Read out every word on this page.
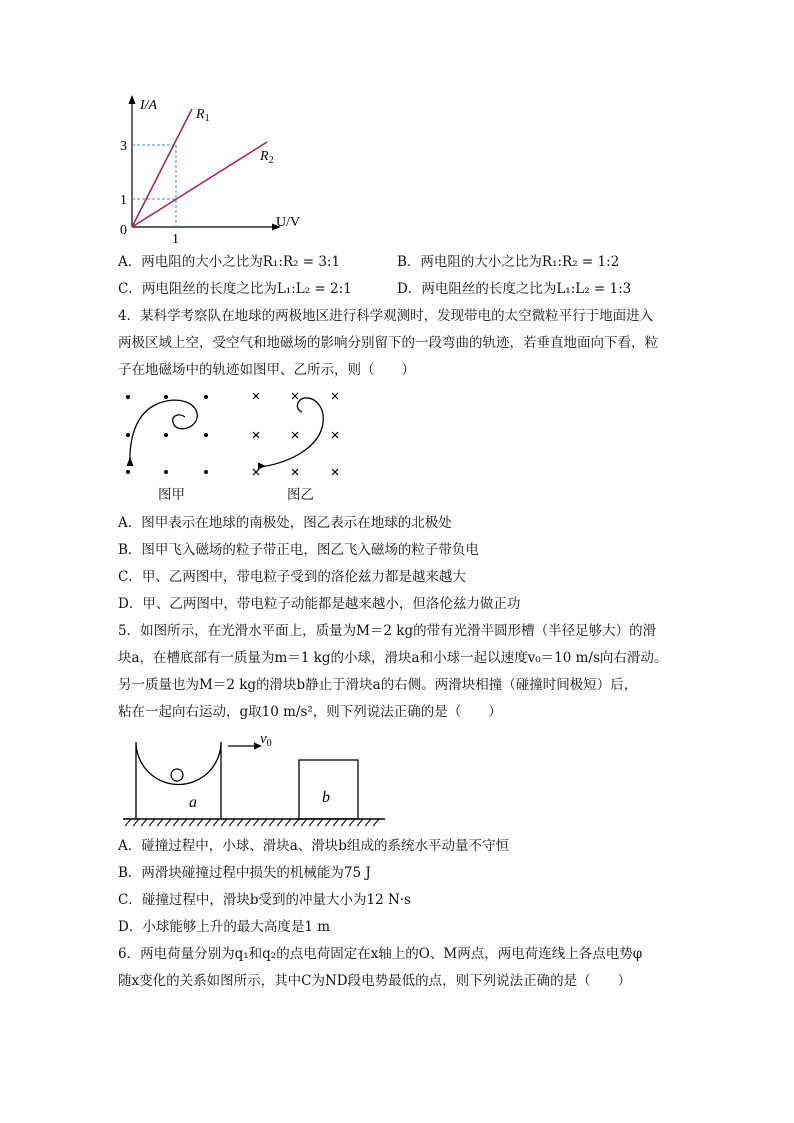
I/A
U/V
0
3
1
1
$R_1$
$R_2$
A．两电阻的大小之比为R₁:R₂ = 3:1	B．两电阻的大小之比为R₁:R₂ = 1:2
C．两电阻丝的长度之比为L₁:L₂ = 2:1	D．两电阻丝的长度之比为L₁:L₂ = 1:3
4．某科学考察队在地球的两极地区进行科学观测时，发现带电的太空微粒平行于地面进入
两极区域上空，受空气和地磁场的影响分别留下的一段弯曲的轨迹，若垂直地面向下看，粒
子在地磁场中的轨迹如图甲、乙所示，则（　　）
图甲	图乙
A．图甲表示在地球的南极处，图乙表示在地球的北极处
B．图甲飞入磁场的粒子带正电，图乙飞入磁场的粒子带负电
C．甲、乙两图中，带电粒子受到的洛伦兹力都是越来越大
D．甲、乙两图中，带电粒子动能都是越来越小，但洛伦兹力做正功
5．如图所示，在光滑水平面上，质量为M＝2 kg的带有光滑半圆形槽（半径足够大）的滑
块a，在槽底部有一质量为m＝1 kg的小球，滑块a和小球一起以速度v₀＝10 m/s向右滑动。
另一质量也为M＝2 kg的滑块b静止于滑块a的右侧。两滑块相撞（碰撞时间极短）后，
粘在一起向右运动，g取10 m/s²，则下列说法正确的是（　　）
$v_0$
a	b
A．碰撞过程中，小球、滑块a、滑块b组成的系统水平动量不守恒
B．两滑块碰撞过程中损失的机械能为75 J
C．碰撞过程中，滑块b受到的冲量大小为12 N·s
D．小球能够上升的最大高度是1 m
6．两电荷量分别为q₁和q₂的点电荷固定在x轴上的O、M两点，两电荷连线上各点电势φ
随x变化的关系如图所示，其中C为ND段电势最低的点，则下列说法正确的是（　　）
